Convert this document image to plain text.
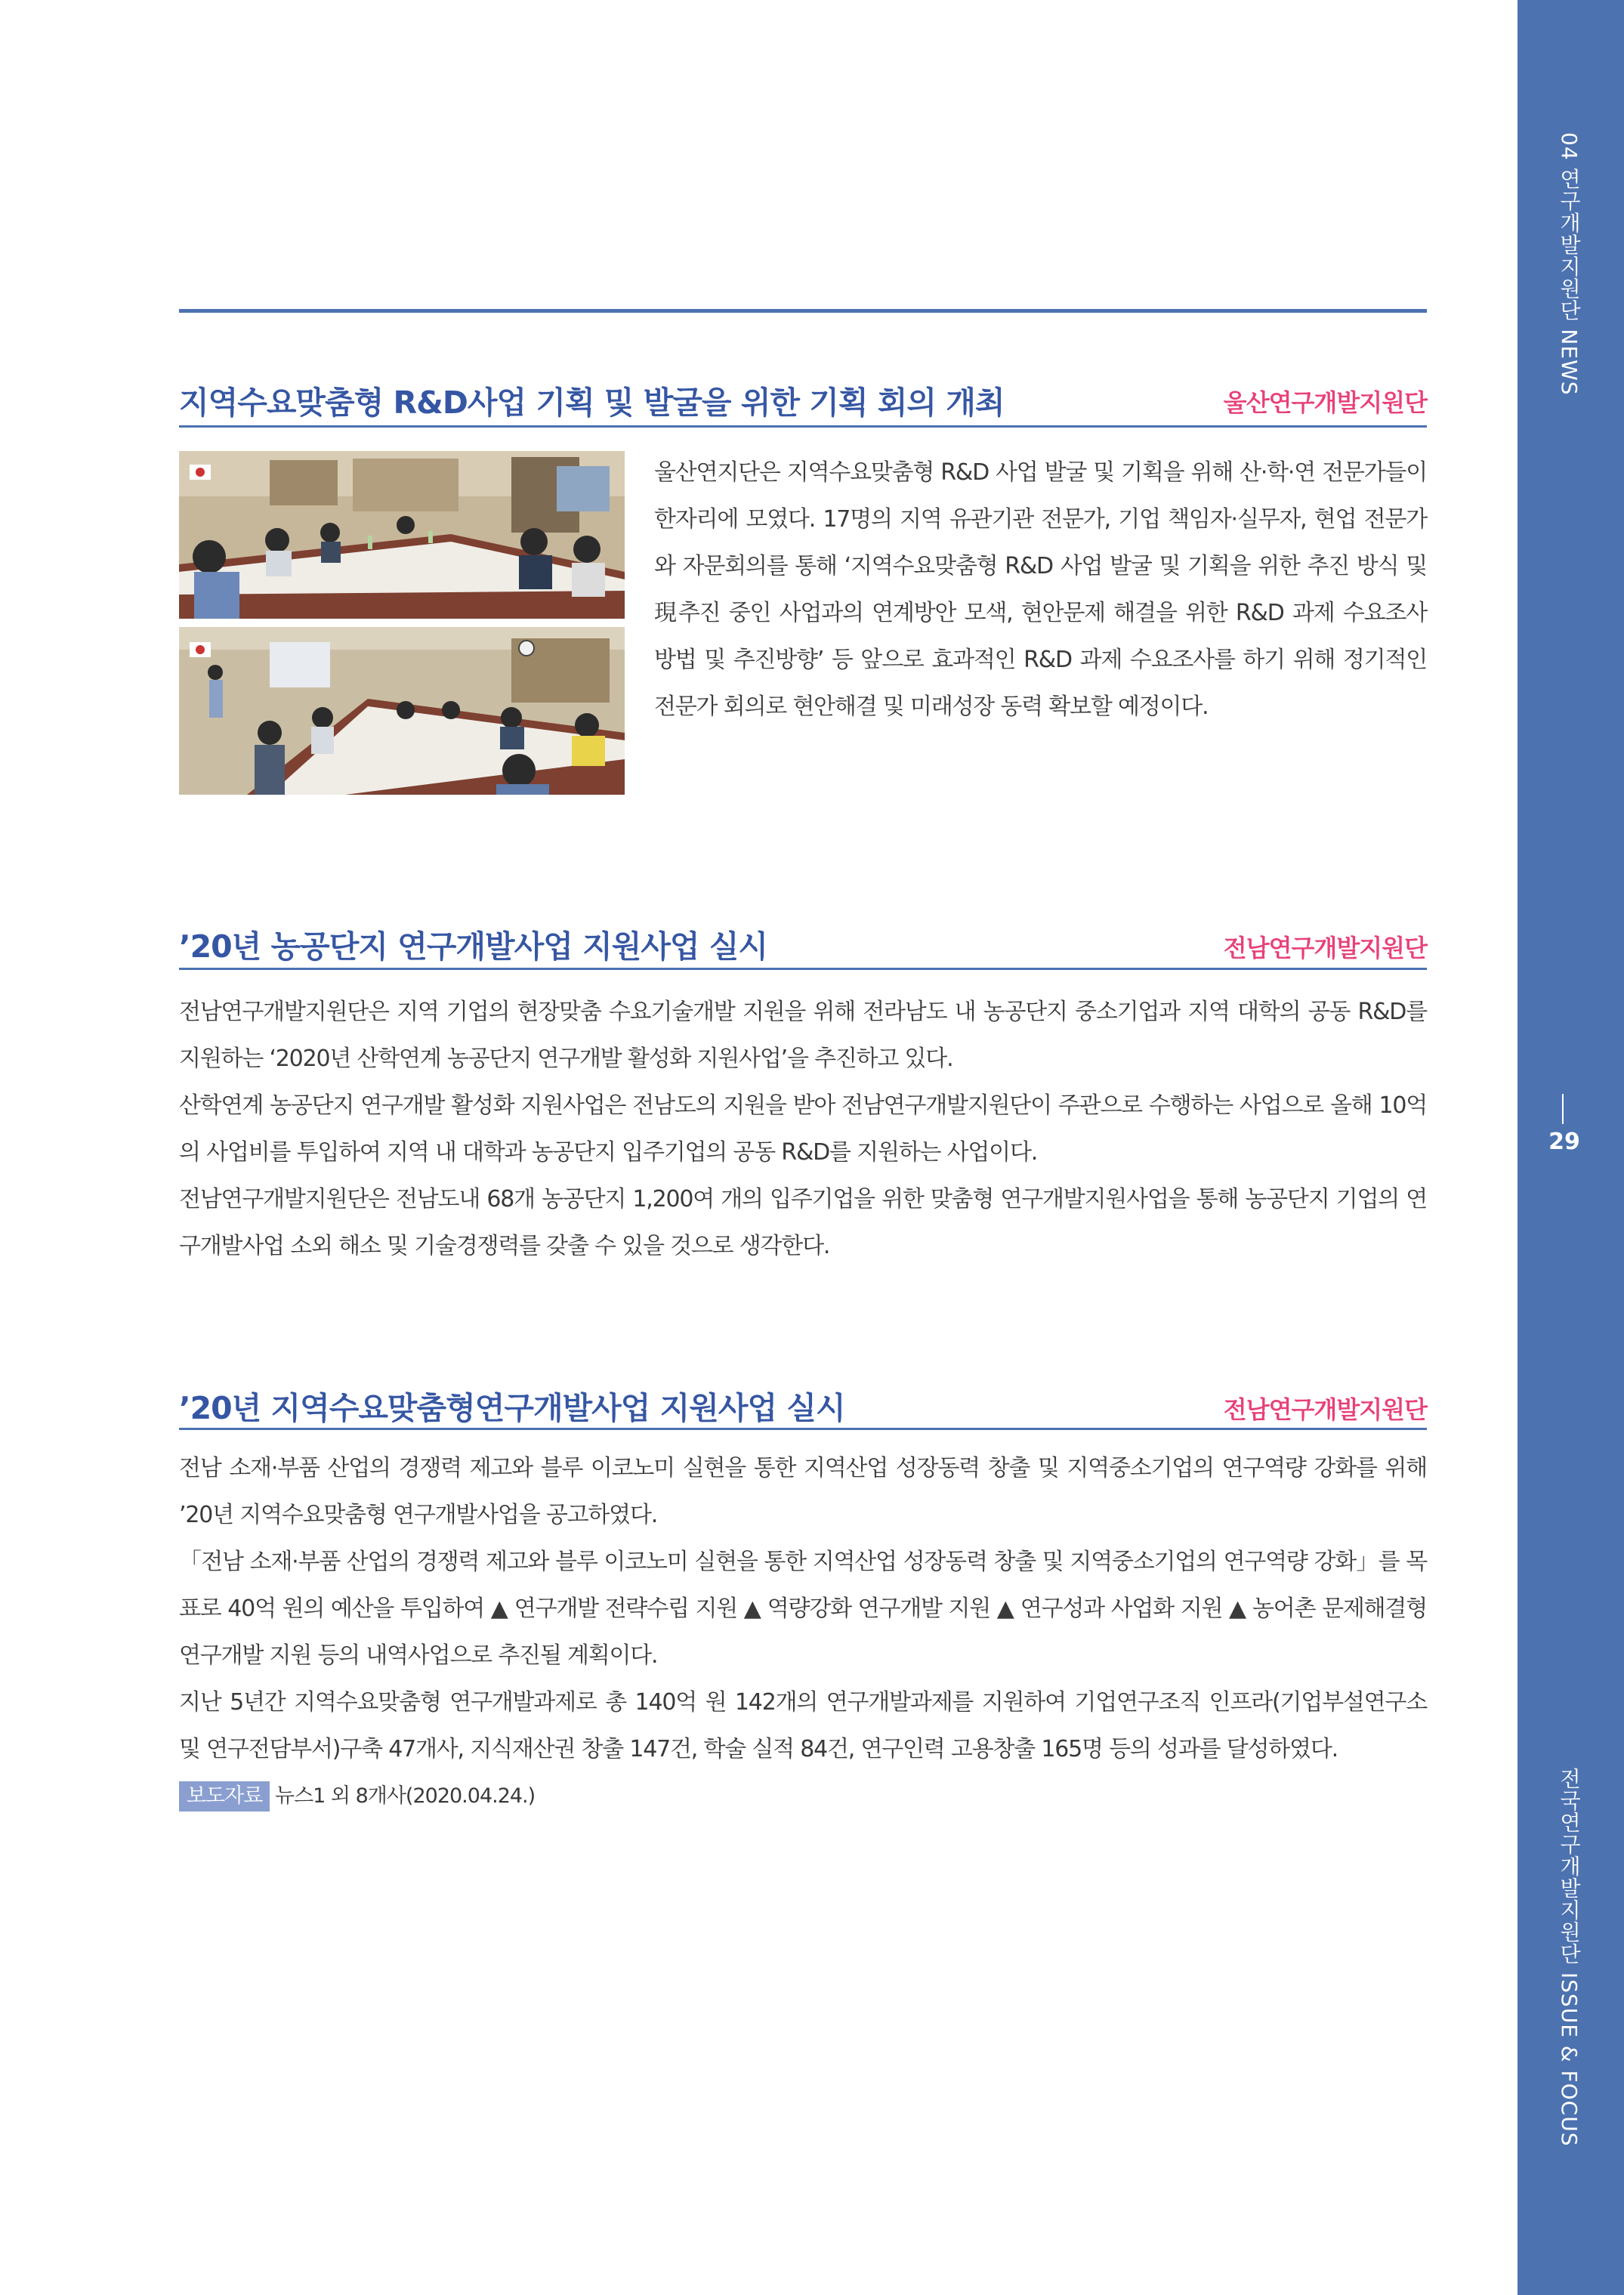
04 연구개발지원단 NEWS
29
전국연구개발지원단 ISSUE & FOCUS
지역수요맞춤형 R&D사업 기획 및 발굴을 위한 기획 회의 개최	울산연구개발지원단

울산연지단은 지역수요맞춤형 R&D 사업 발굴 및 기획을 위해 산·학·연 전문가들이 한자리에 모였다. 17명의 지역 유관기관 전문가, 기업 책임자·실무자, 현업 전문가와 자문회의를 통해 ‘지역수요맞춤형 R&D 사업 발굴 및 기획을 위한 추진 방식 및 現추진 중인 사업과의 연계방안 모색, 현안문제 해결을 위한 R&D 과제 수요조사 방법 및 추진방향’ 등 앞으로 효과적인 R&D 과제 수요조사를 하기 위해 정기적인 전문가 회의로 현안해결 및 미래성장 동력 확보할 예정이다.

’20년 농공단지 연구개발사업 지원사업 실시	전남연구개발지원단

전남연구개발지원단은 지역 기업의 현장맞춤 수요기술개발 지원을 위해 전라남도 내 농공단지 중소기업과 지역 대학의 공동 R&D를 지원하는 ‘2020년 산학연계 농공단지 연구개발 활성화 지원사업’을 추진하고 있다.

산학연계 농공단지 연구개발 활성화 지원사업은 전남도의 지원을 받아 전남연구개발지원단이 주관으로 수행하는 사업으로 올해 10억의 사업비를 투입하여 지역 내 대학과 농공단지 입주기업의 공동 R&D를 지원하는 사업이다.

전남연구개발지원단은 전남도내 68개 농공단지 1,200여 개의 입주기업을 위한 맞춤형 연구개발지원사업을 통해 농공단지 기업의 연구개발사업 소외 해소 및 기술경쟁력를 갖출 수 있을 것으로 생각한다.

’20년 지역수요맞춤형연구개발사업 지원사업 실시	전남연구개발지원단

전남 소재·부품 산업의 경쟁력 제고와 블루 이코노미 실현을 통한 지역산업 성장동력 창출 및 지역중소기업의 연구역량 강화를 위해 ’20년 지역수요맞춤형 연구개발사업을 공고하였다.

「전남 소재·부품 산업의 경쟁력 제고와 블루 이코노미 실현을 통한 지역산업 성장동력 창출 및 지역중소기업의 연구역량 강화」를 목표로 40억 원의 예산을 투입하여 ▲ 연구개발 전략수립 지원 ▲ 역량강화 연구개발 지원 ▲ 연구성과 사업화 지원 ▲ 농어촌 문제해결형 연구개발 지원 등의 내역사업으로 추진될 계획이다.

지난 5년간 지역수요맞춤형 연구개발과제로 총 140억 원 142개의 연구개발과제를 지원하여 기업연구조직 인프라(기업부설연구소 및 연구전담부서)구축 47개사, 지식재산권 창출 147건, 학술 실적 84건, 연구인력 고용창출 165명 등의 성과를 달성하였다.

보도자료 뉴스1 외 8개사(2020.04.24.)
